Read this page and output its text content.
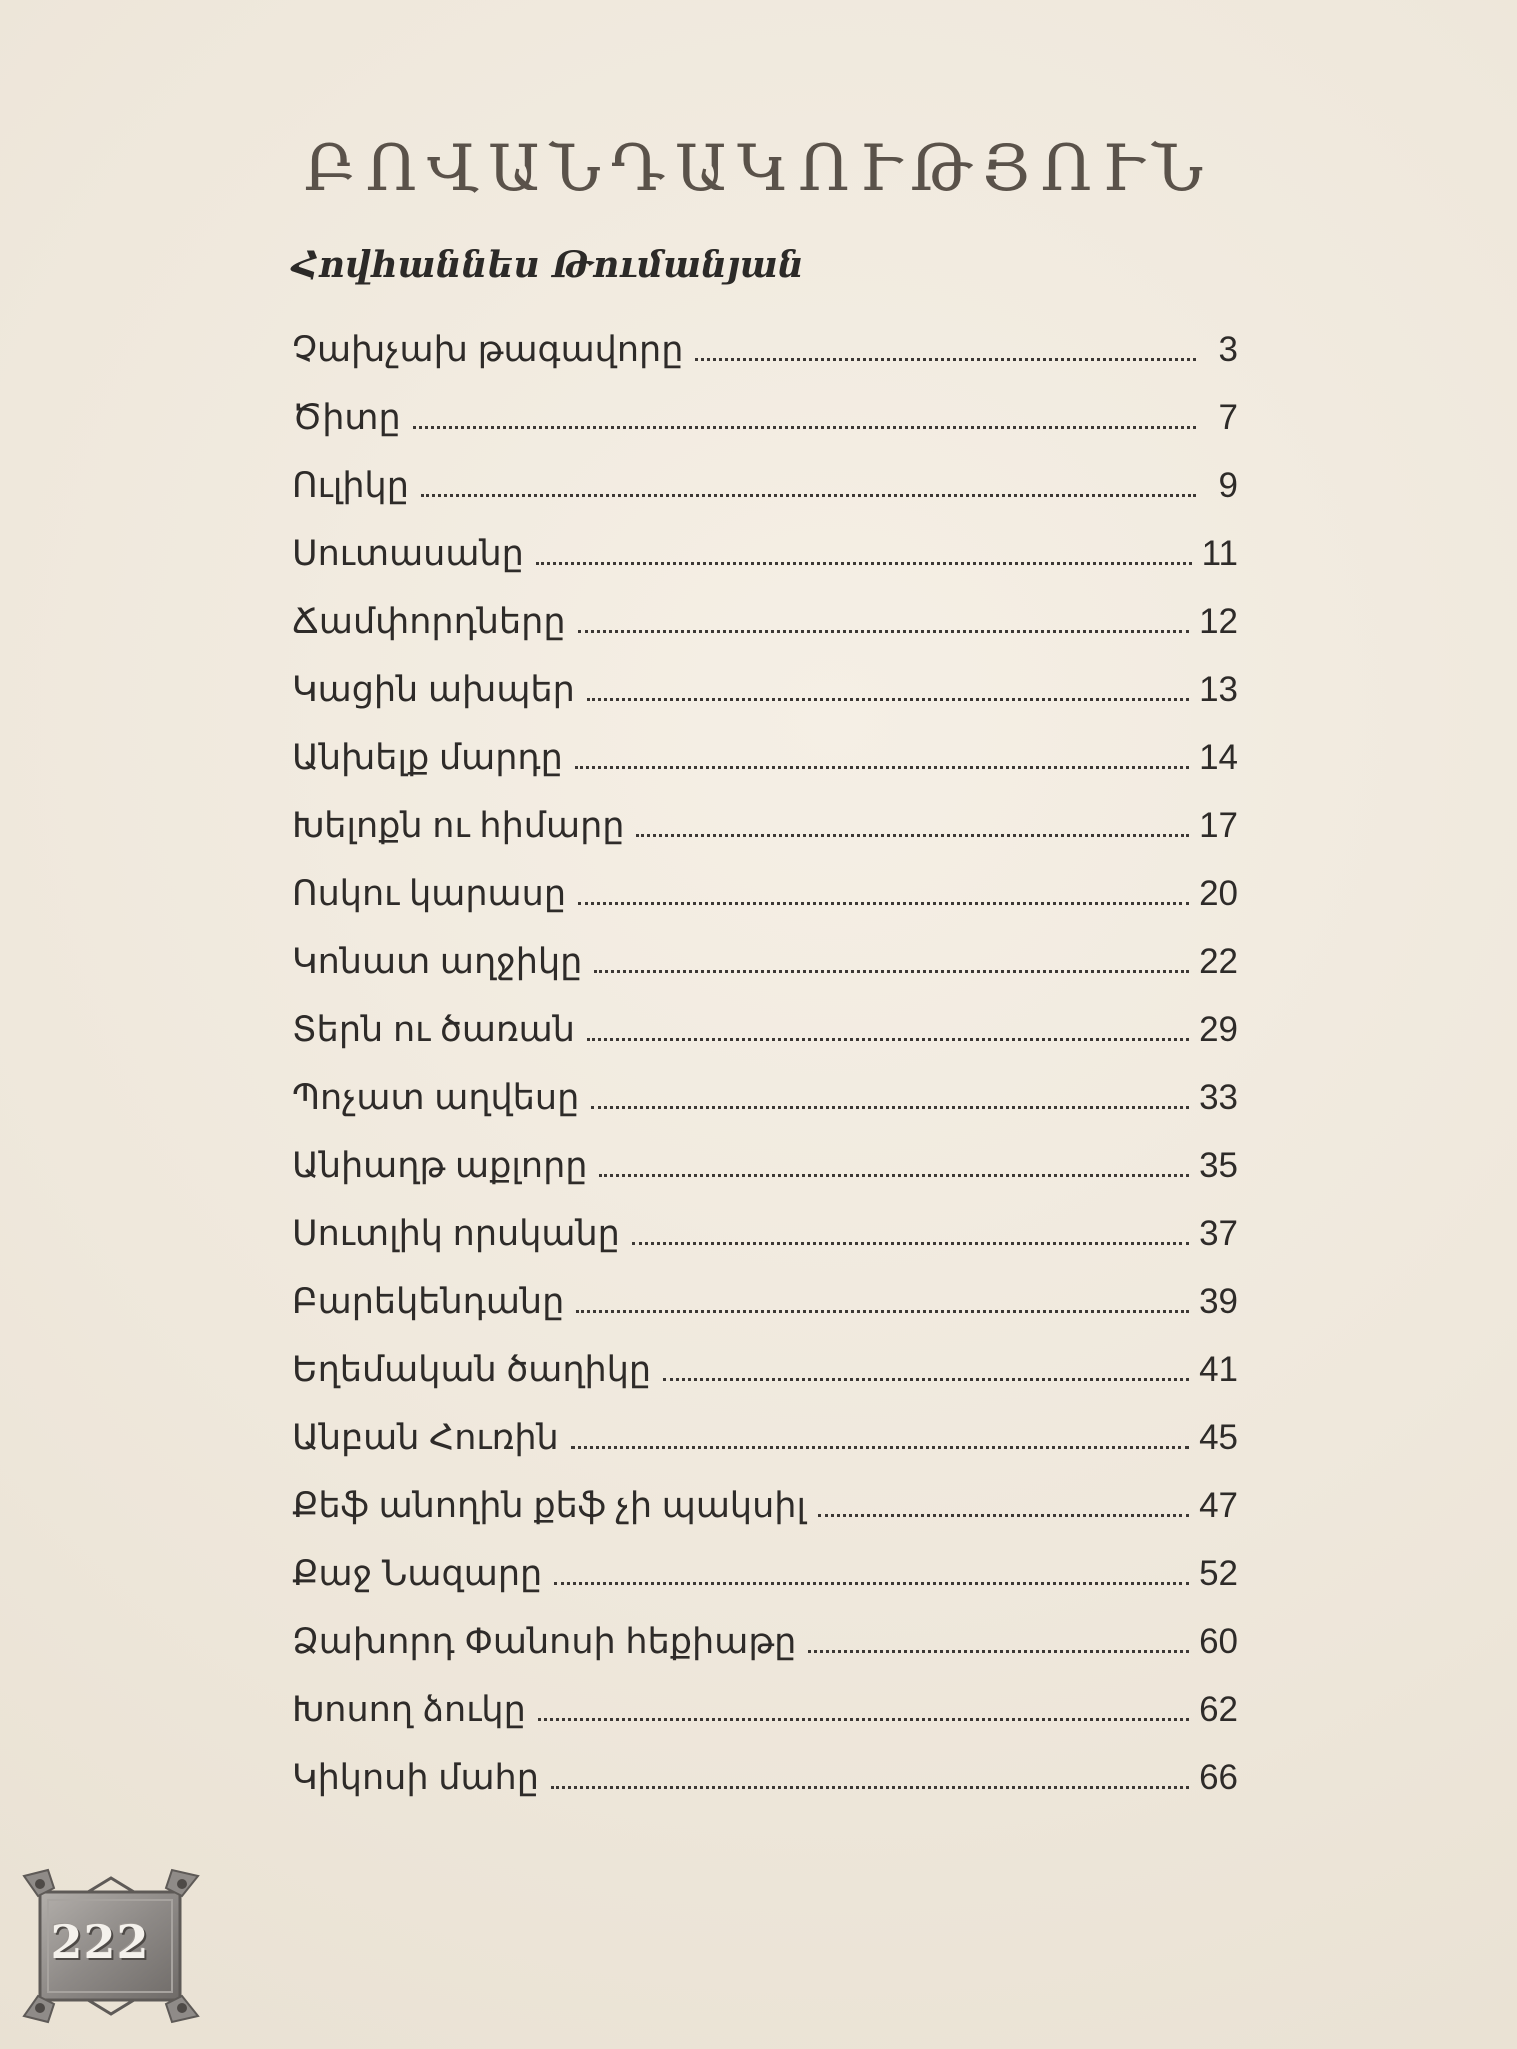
ԲՈՎԱՆԴԱԿՈՒԹՅՈՒՆ
Հովհաննես Թումանյան
Չախչախ թագավորը	3
Ծիտը	7
Ուլիկը	9
Սուտասանը	11
Ճամփորդները	12
Կացին ախպեր	13
Անխելք մարդը	14
Խելոքն ու հիմարը	17
Ոսկու կարասը	20
Կոնատ աղջիկը	22
Տերն ու ծառան	29
Պոչատ աղվեսը	33
Անիաղթ աքլորը	35
Սուտլիկ որսկանը	37
Բարեկենդանը	39
Եղեմական ծաղիկը	41
Անբան Հուռին	45
Քեֆ անողին քեֆ չի պակսիլ	47
Քաջ Նազարը	52
Ձախորդ Փանոսի հեքիաթը	60
Խոսող ձուկը	62
Կիկոսի մահը	66
222
